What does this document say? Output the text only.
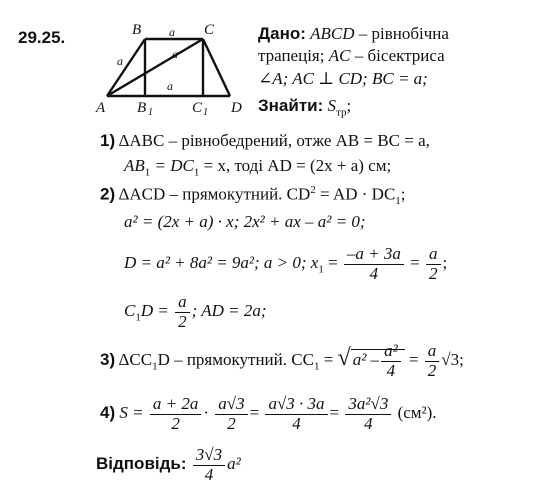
29.25.	B	C
A	D
B 1	C 1
a
a	a
a
Дано: ABCD – рівнобічна
трапеція; AC – бісектриса
∠A; AC ⊥ CD; BC = a;
Знайти: $S_{тр}$;
1) ΔABC – рівнобедрений, отже AB = BC = a,
$AB_1 = DC_1 = x$, тоді AD = (2x + a) см;
2) ΔACD – прямокутний. $CD^2$ = AD · $DC_1$;
a² = (2x + a) · x; 2x² + ax – a² = 0;
D = a² + 8a² = 9a²; a > 0; $x_1 = \frac{-a + 3a}{4} = \frac{a}{2}$ ;
$C_1D = \frac{a}{2}$ ; AD = 2a;
3) $\Delta CC_1D$ – прямокутний. $CC_1$ = √ $a^2 - \frac{\text{a²}}{4} = \frac{a}{2} √3$;
4) $S = \frac{a + 2a}{2} \cdot \frac{a√3}{2} = \frac{a√3 \cdot 3a}{4} = \frac{\text{3a²√3}}{4} (см^2)$.
Відповідь: $\frac{3√3}{4} a^2$
